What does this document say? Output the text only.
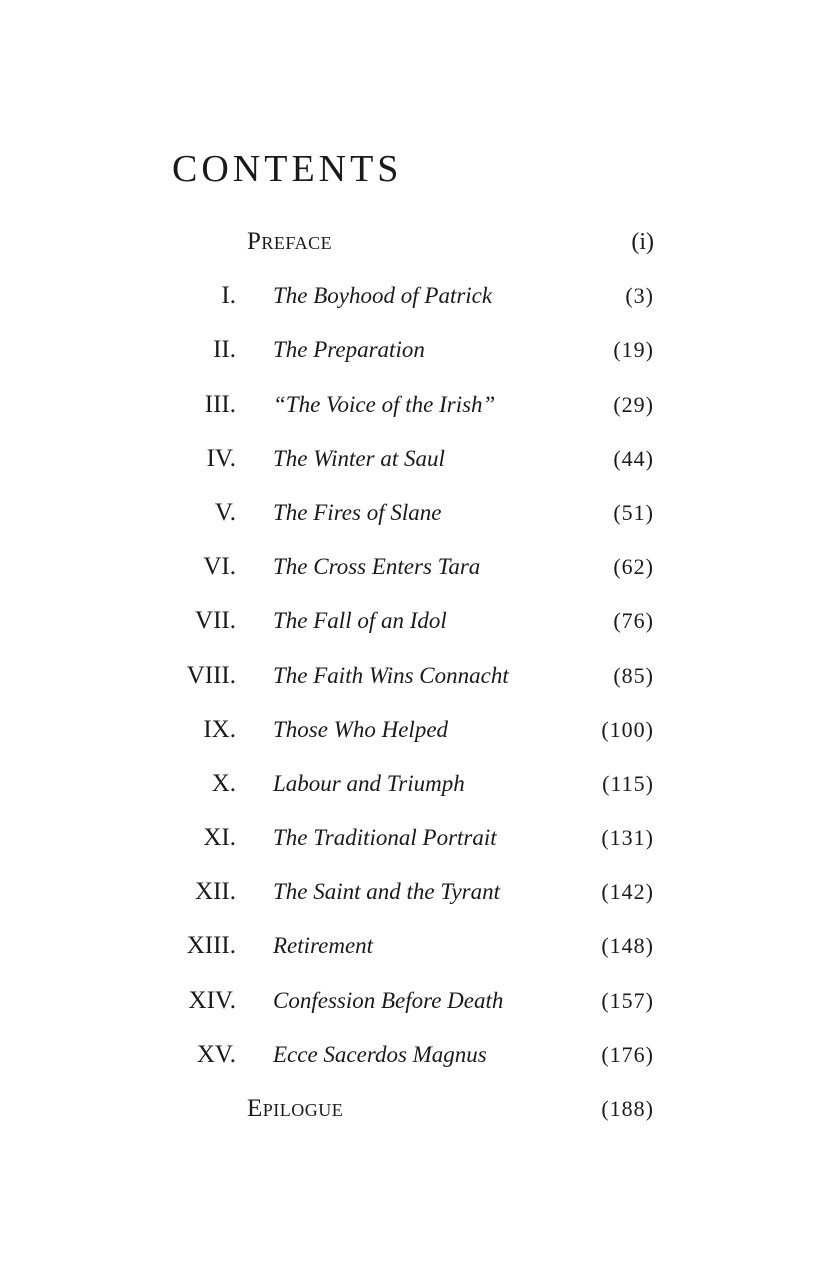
CONTENTS
Preface	(i)
I. The Boyhood of Patrick	(3)
II. The Preparation	(19)
III. “The Voice of the Irish”	(29)
IV. The Winter at Saul	(44)
V. The Fires of Slane	(51)
VI. The Cross Enters Tara	(62)
VII. The Fall of an Idol	(76)
VIII. The Faith Wins Connacht	(85)
IX. Those Who Helped	(100)
X. Labour and Triumph	(115)
XI. The Traditional Portrait	(131)
XII. The Saint and the Tyrant	(142)
XIII. Retirement	(148)
XIV. Confession Before Death	(157)
XV. Ecce Sacerdos Magnus	(176)
Epilogue	(188)
